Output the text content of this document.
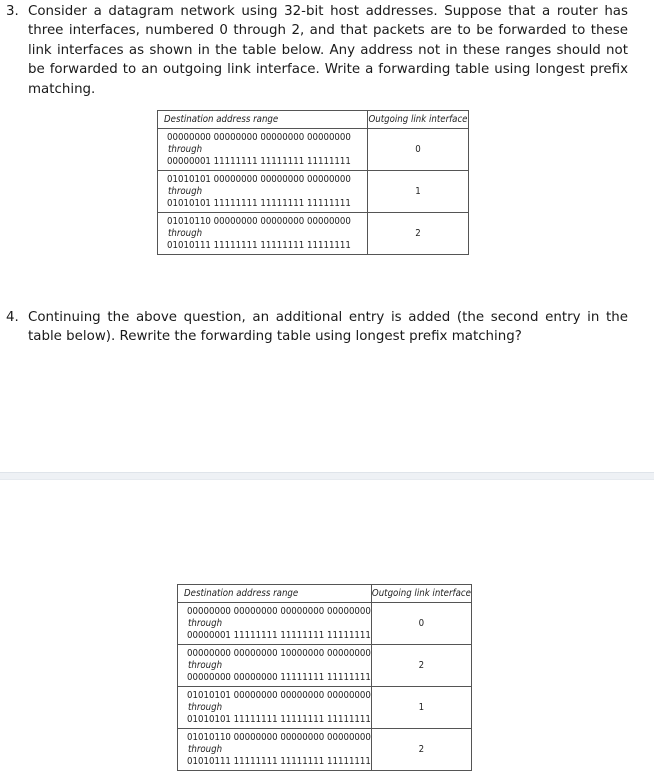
3. Consider a datagram network using 32-bit host addresses. Suppose that a router has three interfaces, numbered 0 through 2, and that packets are to be forwarded to these link interfaces as shown in the table below. Any address not in these ranges should not be forwarded to an outgoing link interface. Write a forwarding table using longest prefix matching.
Destination address range	Outgoing link interface

00000000 00000000 00000000 00000000
through
00000001 11111111 11111111 11111111	0

01010101 00000000 00000000 00000000
through
01010101 11111111 11111111 11111111	1

01010110 00000000 00000000 00000000
through
01010111 11111111 11111111 11111111	2
4. Continuing the above question, an additional entry is added (the second entry in the table below). Rewrite the forwarding table using longest prefix matching?
Destination address range	Outgoing link interface

00000000 00000000 00000000 00000000
through
00000001 11111111 11111111 11111111	0

00000000 00000000 10000000 00000000
through
00000000 00000000 11111111 11111111	2

01010101 00000000 00000000 00000000
through
01010101 11111111 11111111 11111111	1

01010110 00000000 00000000 00000000
through
01010111 11111111 11111111 11111111	2
